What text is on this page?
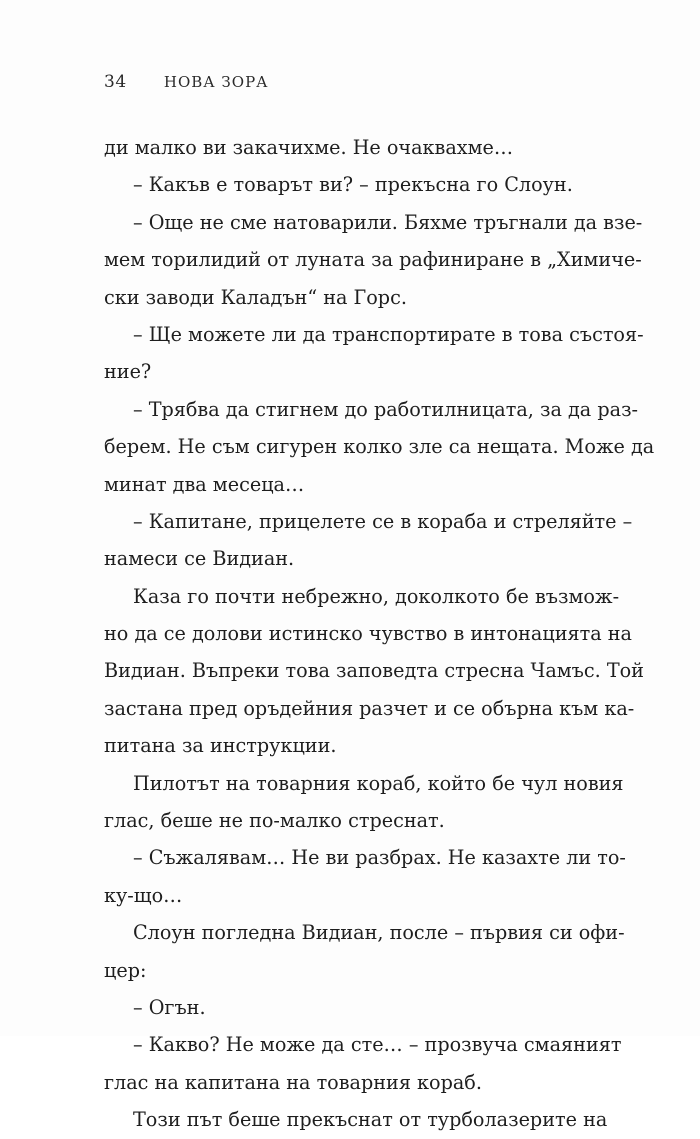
34 НОВА ЗОРА
ди малко ви закачихме. Не очаквахме…
– Какъв е товарът ви? – прекъсна го Слоун.
– Още не сме натоварили. Бяхме тръгнали да взе-
мем торилидий от луната за рафиниране в „Химиче-
ски заводи Каладън“ на Горс.
– Ще можете ли да транспортирате в това състоя-
ние?
– Трябва да стигнем до работилницата, за да раз-
берем. Не съм сигурен колко зле са нещата. Може да
минат два месеца…
– Капитане, прицелете се в кораба и стреляйте –
намеси се Видиан.
Каза го почти небрежно, доколкото бе възмож-
но да се долови истинско чувство в интонацията на
Видиан. Въпреки това заповедта стресна Чамъс. Той
застана пред оръдейния разчет и се обърна към ка-
питана за инструкции.
Пилотът на товарния кораб, който бе чул новия
глас, беше не по-малко стреснат.
– Съжалявам… Не ви разбрах. Не казахте ли то-
ку-що…
Слоун погледна Видиан, после – първия си офи-
цер:
– Огън.
– Какво? Не може да сте… – прозвуча смаяният
глас на капитана на товарния кораб.
Този път беше прекъснат от турболазерите на
